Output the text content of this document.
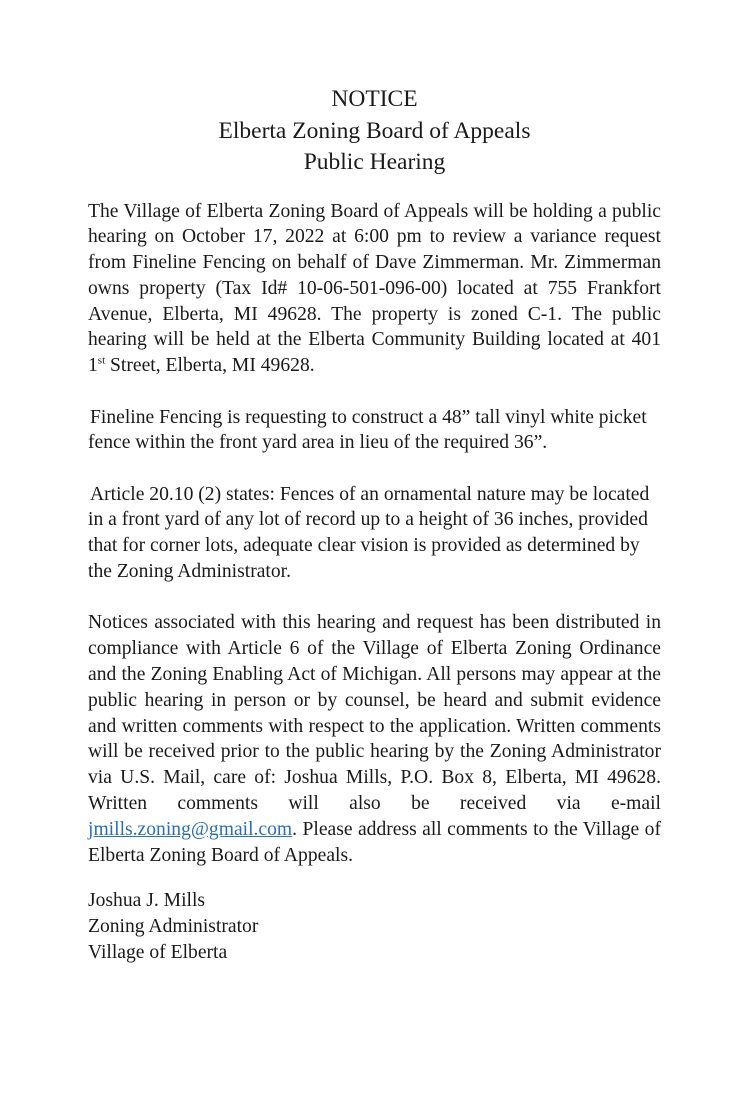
NOTICE
Elberta Zoning Board of Appeals
Public Hearing

The Village of Elberta Zoning Board of Appeals will be holding a public hearing on October 17, 2022 at 6:00 pm to review a variance request from Fineline Fencing on behalf of Dave Zimmerman. Mr. Zimmerman owns property (Tax Id# 10-06-501-096-00) located at 755 Frankfort Avenue, Elberta, MI 49628. The property is zoned C-1. The public hearing will be held at the Elberta Community Building located at 401 1st Street, Elberta, MI 49628.

Fineline Fencing is requesting to construct a 48” tall vinyl white picket fence within the front yard area in lieu of the required 36”.

Article 20.10 (2) states: Fences of an ornamental nature may be located in a front yard of any lot of record up to a height of 36 inches, provided that for corner lots, adequate clear vision is provided as determined by the Zoning Administrator.

Notices associated with this hearing and request has been distributed in compliance with Article 6 of the Village of Elberta Zoning Ordinance and the Zoning Enabling Act of Michigan. All persons may appear at the public hearing in person or by counsel, be heard and submit evidence and written comments with respect to the application. Written comments will be received prior to the public hearing by the Zoning Administrator via U.S. Mail, care of: Joshua Mills, P.O. Box 8, Elberta, MI 49628. Written comments will also be received via e-mail jmills.zoning@gmail.com. Please address all comments to the Village of Elberta Zoning Board of Appeals.

Joshua J. Mills
Zoning Administrator
Village of Elberta
